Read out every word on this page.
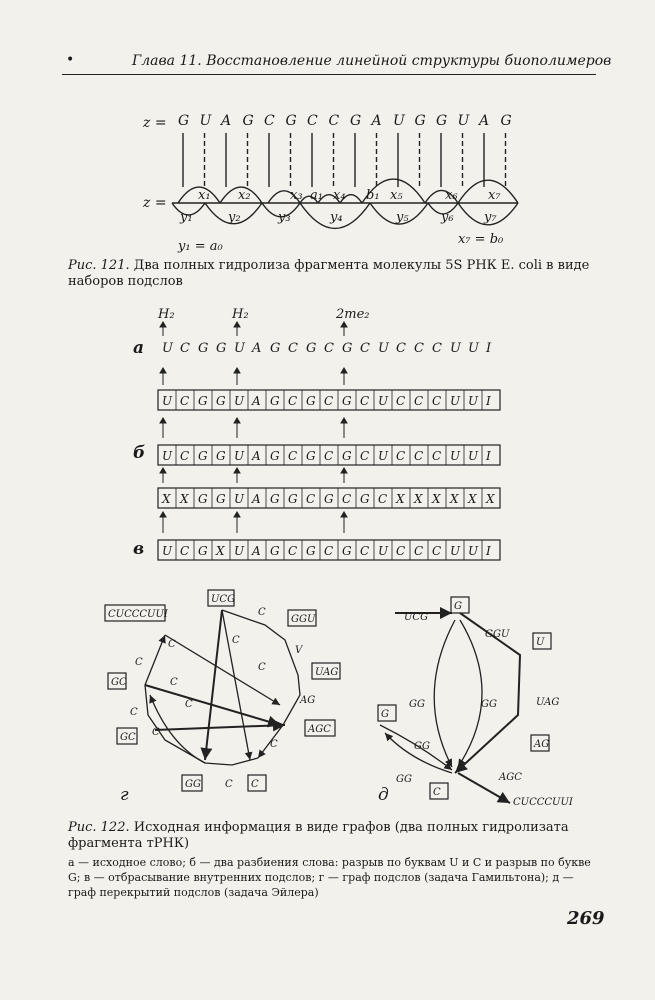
•	Глава 11. Восстановление линейной структуры биополимеров
z = G U A G C G C C G A U G G U A G
z = x₁ x₂	x₃ a₁ x₄ b₁ x₅	x₆ x₇
y₁	y₂	y₃	y₄	y₅ y₆ y₇
y₁ = a₀	x₇ = b₀
Рис. 121. Два полных гидролиза фрагмента молекулы 5S РНК E. coli в виде наборов подслов
H₂	H₂	2me₂
a U C G G U A G C G C G C U C C C U U I
б
в
U C G G U A G C G C G C U C C C U U I
U C G G U A G C G C G C U C C C U U I
X X G G U A G G C G C G C X X X X X X
U C G X U A G C G C G C U C C C U U I
CUCCCUUI
UCG
GGU
UAG
AGC
C
GC
GC
GG
C
C
C
V
AG
C
C
C
C
C
C
C
C
UCG
G
GGU
U
UAG
AG
GG	GG
G
GG
GG	AGC
C
CUCCCUUI
г	д
Рис. 122. Исходная информация в виде графов (два полных гидролизата фрагмента тРНК)
а — исходное слово; б — два разбиения слова: разрыв по буквам U и C и разрыв по букве G; в — отбрасывание внутренних подслов; г — граф подслов (задача Гамильтона); д — граф перекрытий подслов (задача Эйлера)
269
